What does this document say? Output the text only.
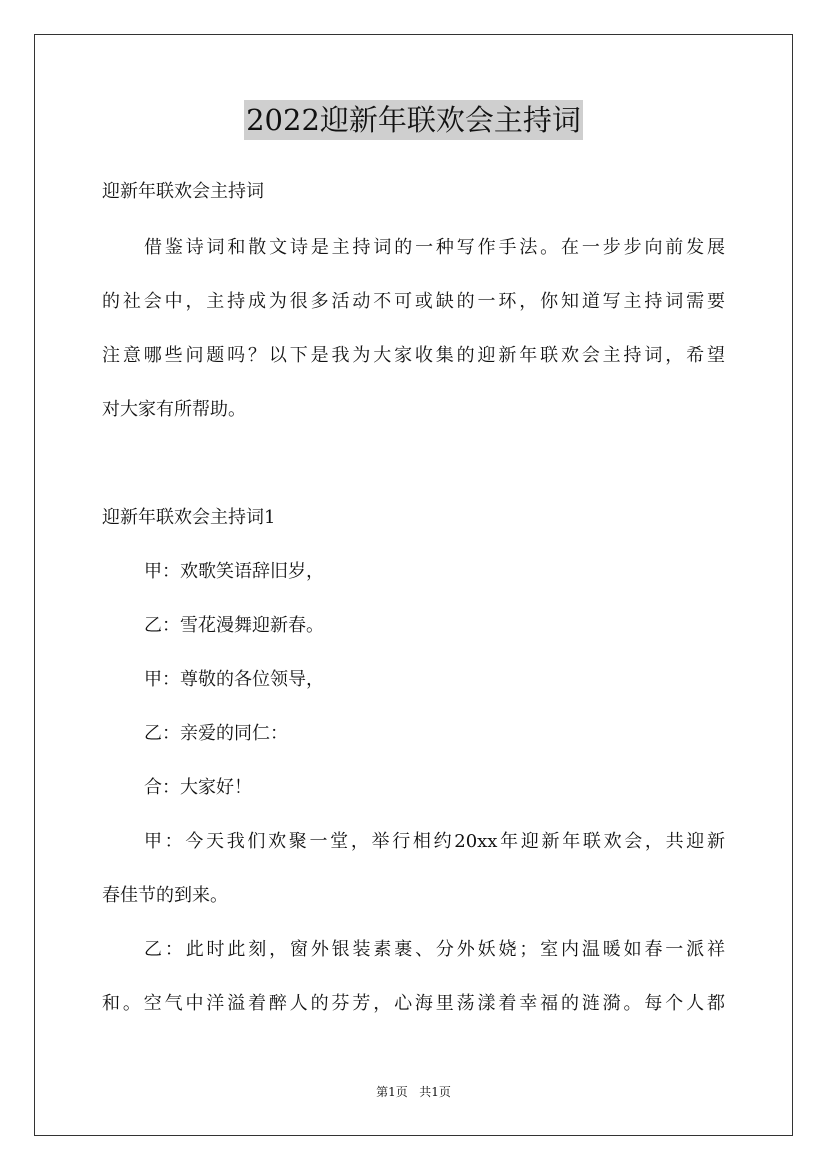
2022迎新年联欢会主持词
迎新年联欢会主持词
借鉴诗词和散文诗是主持词的一种写作手法。在一步步向前发展
的社会中，主持成为很多活动不可或缺的一环，你知道写主持词需要
注意哪些问题吗？以下是我为大家收集的迎新年联欢会主持词，希望
对大家有所帮助。
迎新年联欢会主持词1
甲：欢歌笑语辞旧岁，
乙：雪花漫舞迎新春。
甲：尊敬的各位领导，
乙：亲爱的同仁：
合：大家好！
甲：今天我们欢聚一堂，举行相约20xx年迎新年联欢会，共迎新
春佳节的到来。
乙：此时此刻，窗外银装素裹、分外妖娆；室内温暖如春一派祥
和。空气中洋溢着醉人的芬芳，心海里荡漾着幸福的涟漪。每个人都
第1页 共1页
